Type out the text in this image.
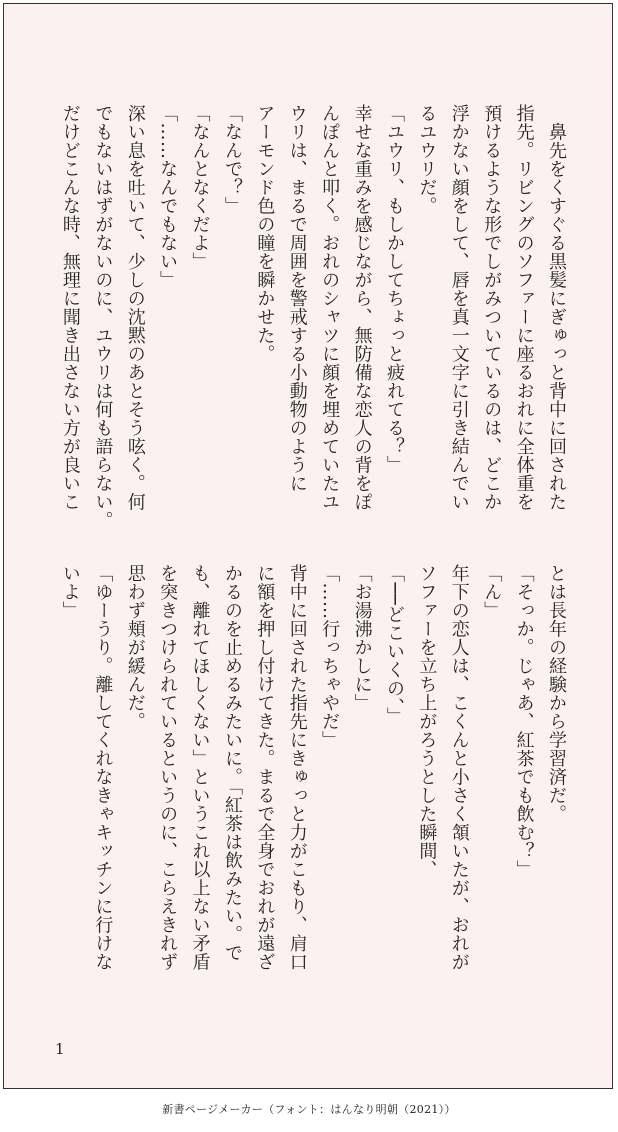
　鼻先をくすぐる黒髪にぎゅっと背中に回された

指先。リビングのソファーに座るおれに全体重を

預けるような形でしがみついているのは、どこか

浮かない顔をして、唇を真一文字に引き結んでい

るユウリだ。

「ユウリ、もしかしてちょっと疲れてる？」

幸せな重みを感じながら、無防備な恋人の背をぽ

んぽんと叩く。おれのシャツに顔を埋めていたユ

ウリは、まるで周囲を警戒する小動物のように

アーモンド色の瞳を瞬かせた。

「なんで？」

「なんとなくだよ」

「……なんでもない」

深い息を吐いて、少しの沈黙のあとそう呟く。何

でもないはずがないのに、ユウリは何も語らない。

だけどこんな時、無理に聞き出さない方が良いこ

とは長年の経験から学習済だ。

「そっか。じゃあ、紅茶でも飲む？」

「ん」

年下の恋人は、こくんと小さく頷いたが、おれが

ソファーを立ち上がろうとした瞬間、

「──どこいくの、」

「お湯沸かしに」

「……行っちゃやだ」

背中に回された指先にきゅっと力がこもり、肩口

に額を押し付けてきた。まるで全身でおれが遠ざ

かるのを止めるみたいに。「紅茶は飲みたい。で

も、離れてほしくない」というこれ以上ない矛盾

を突きつけられているというのに、こらえきれず

思わず頬が緩んだ。

「ゆーうり。離してくれなきゃキッチンに行けな

いよ」

1
新書ページメーカー（フォント：はんなり明朝（2021））
